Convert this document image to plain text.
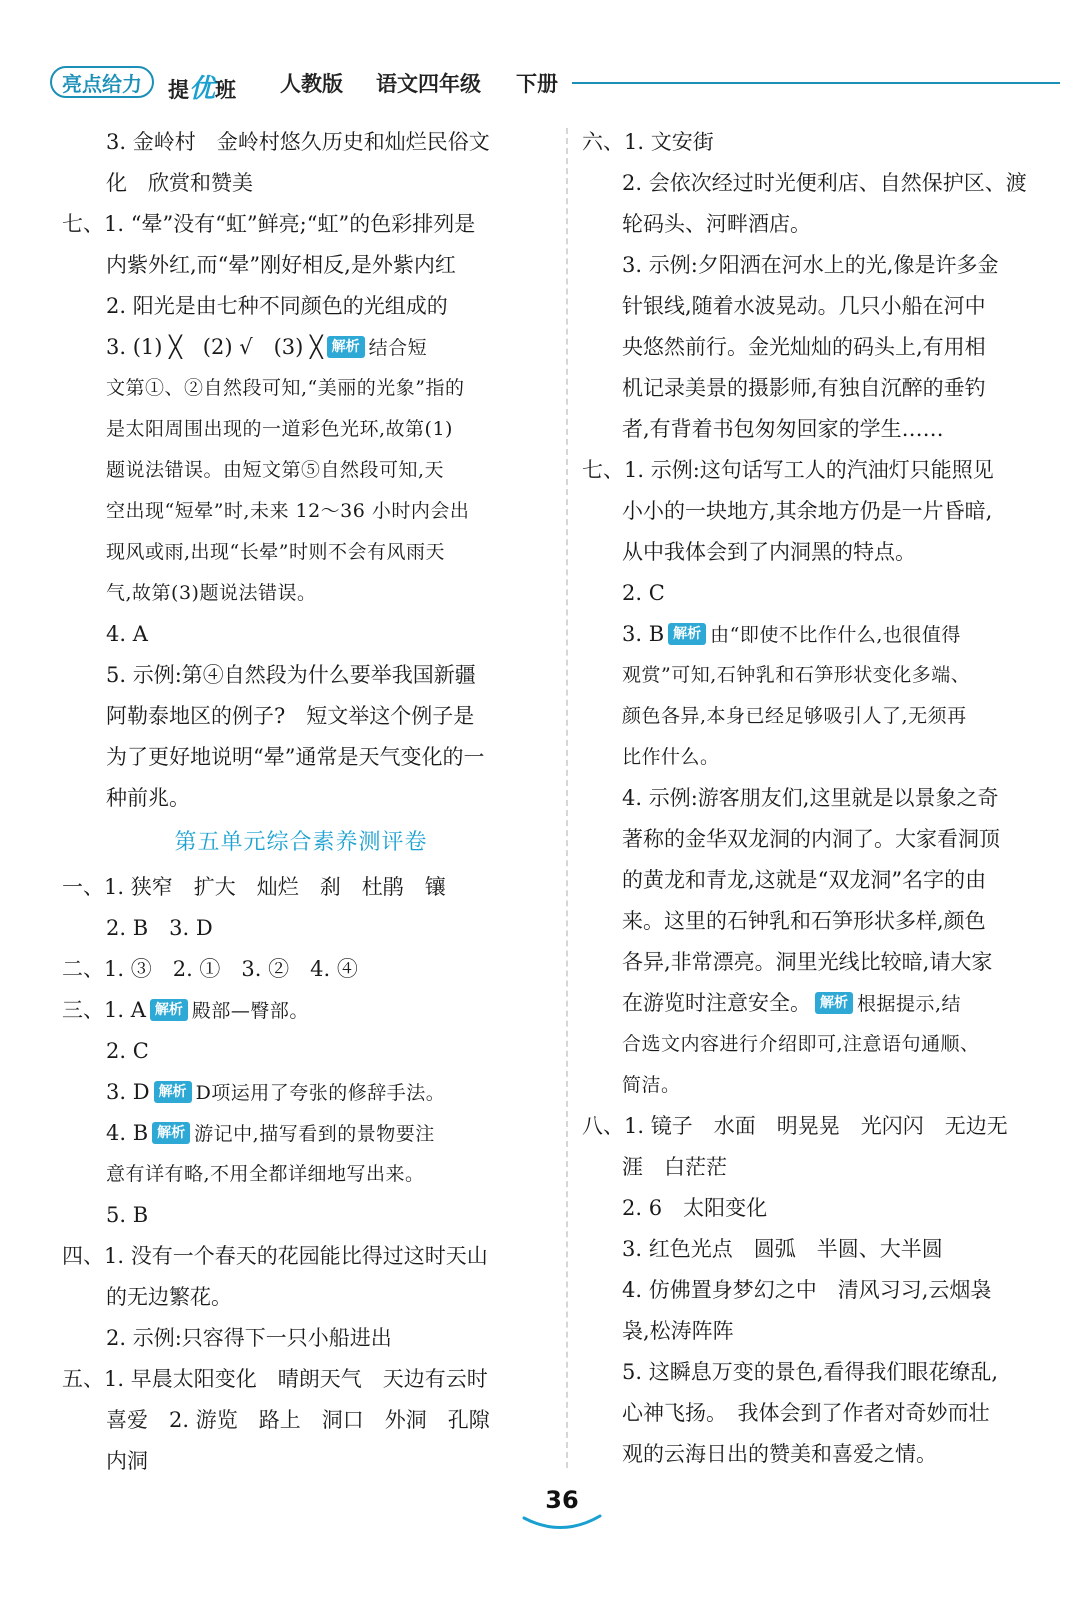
亮点给力	提优班 人教版 语文四年级 下册
3. 金岭村　金岭村悠久历史和灿烂民俗文
化　欣赏和赞美
七、1. “晕”没有“虹”鲜亮;“虹”的色彩排列是
内紫外红,而“晕”刚好相反,是外紫内红
2. 阳光是由七种不同颜色的光组成的
3. (1) ╳　(2) √　(3) ╳ 解析 结合短
文第①、②自然段可知,“美丽的光象”指的
是太阳周围出现的一道彩色光环,故第(1)
题说法错误。由短文第⑤自然段可知,天
空出现“短晕”时,未来 12～36 小时内会出
现风或雨,出现“长晕”时则不会有风雨天
气,故第(3)题说法错误。
4. A
5. 示例:第④自然段为什么要举我国新疆
阿勒泰地区的例子?　短文举这个例子是
为了更好地说明“晕”通常是天气变化的一
种前兆。
第五单元综合素养测评卷
一、1. 狭窄　扩大　灿烂　刹　杜鹃　镶
2. B　3. D
二、1. ③　2. ①　3. ②　4. ④
三、1. A 解析 殿部—臀部。
2. C
3. D 解析 D项运用了夸张的修辞手法。
4. B 解析 游记中,描写看到的景物要注
意有详有略,不用全都详细地写出来。
5. B
四、1. 没有一个春天的花园能比得过这时天山
的无边繁花。
2. 示例:只容得下一只小船进出
五、1. 早晨太阳变化　晴朗天气　天边有云时
喜爱　2. 游览　路上　洞口　外洞　孔隙
内洞
六、1. 文安街
2. 会依次经过时光便利店、自然保护区、渡
轮码头、河畔酒店。
3. 示例:夕阳洒在河水上的光,像是许多金
针银线,随着水波晃动。几只小船在河中
央悠然前行。金光灿灿的码头上,有用相
机记录美景的摄影师,有独自沉醉的垂钓
者,有背着书包匆匆回家的学生……
七、1. 示例:这句话写工人的汽油灯只能照见
小小的一块地方,其余地方仍是一片昏暗,
从中我体会到了内洞黑的特点。
2. C
3. B 解析 由“即使不比作什么,也很值得
观赏”可知,石钟乳和石笋形状变化多端、
颜色各异,本身已经足够吸引人了,无须再
比作什么。
4. 示例:游客朋友们,这里就是以景象之奇
著称的金华双龙洞的内洞了。大家看洞顶
的黄龙和青龙,这就是“双龙洞”名字的由
来。这里的石钟乳和石笋形状多样,颜色
各异,非常漂亮。洞里光线比较暗,请大家
在游览时注意安全。 解析 根据提示,结
合选文内容进行介绍即可,注意语句通顺、
简洁。
八、1. 镜子　水面　明晃晃　光闪闪　无边无
涯　白茫茫
2. 6　太阳变化
3. 红色光点　圆弧　半圆、大半圆
4. 仿佛置身梦幻之中　清风习习,云烟袅
袅,松涛阵阵
5. 这瞬息万变的景色,看得我们眼花缭乱,
心神飞扬。　我体会到了作者对奇妙而壮
观的云海日出的赞美和喜爱之情。
36
